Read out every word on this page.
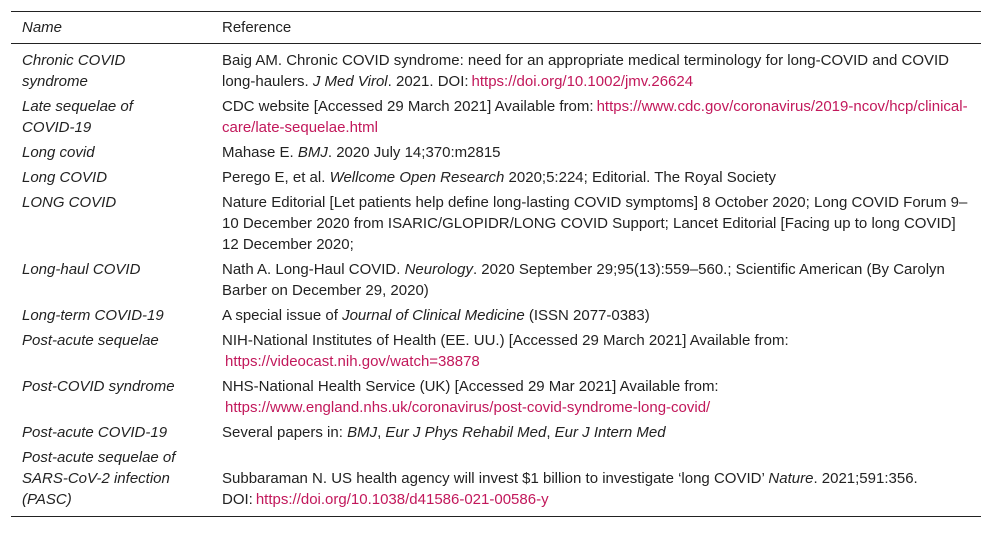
Name	Reference
Chronic COVID syndrome	Baig AM. Chronic COVID syndrome: need for an appropriate medical terminology for long-COVID and COVID long-haulers. J Med Virol. 2021. DOI: https://doi.org/10.1002/jmv.26624
Late sequelae of COVID-19	CDC website [Accessed 29 March 2021] Available from: https://www.cdc.gov/coronavirus/2019-ncov/hcp/clinical-care/late-sequelae.html
Long covid	Mahase E. BMJ. 2020 July 14;370:m2815
Long COVID	Perego E, et al. Wellcome Open Research 2020;5:224; Editorial. The Royal Society
LONG COVID	Nature Editorial [Let patients help define long-lasting COVID symptoms] 8 October 2020; Long COVID Forum 9–10 December 2020 from ISARIC/GLOPIDR/LONG COVID Support; Lancet Editorial [Facing up to long COVID] 12 December 2020;
Long-haul COVID	Nath A. Long-Haul COVID. Neurology. 2020 September 29;95(13):559–560.; Scientific American (By Carolyn Barber on December 29, 2020)
Long-term COVID-19	A special issue of Journal of Clinical Medicine (ISSN 2077-0383)
Post-acute sequelae	NIH-National Institutes of Health (EE. UU.) [Accessed 29 March 2021] Available from:
https://videocast.nih.gov/watch=38878
Post-COVID syndrome	NHS-National Health Service (UK) [Accessed 29 Mar 2021] Available from:
https://www.england.nhs.uk/coronavirus/post-covid-syndrome-long-covid/
Post-acute COVID-19	Several papers in: BMJ, Eur J Phys Rehabil Med, Eur J Intern Med
Post-acute sequelae of SARS-CoV-2 infection (PASC)	Subbaraman N. US health agency will invest $1 billion to investigate ‘long COVID’ Nature. 2021;591:356. DOI: https://doi.org/10.1038/d41586-021-00586-y
